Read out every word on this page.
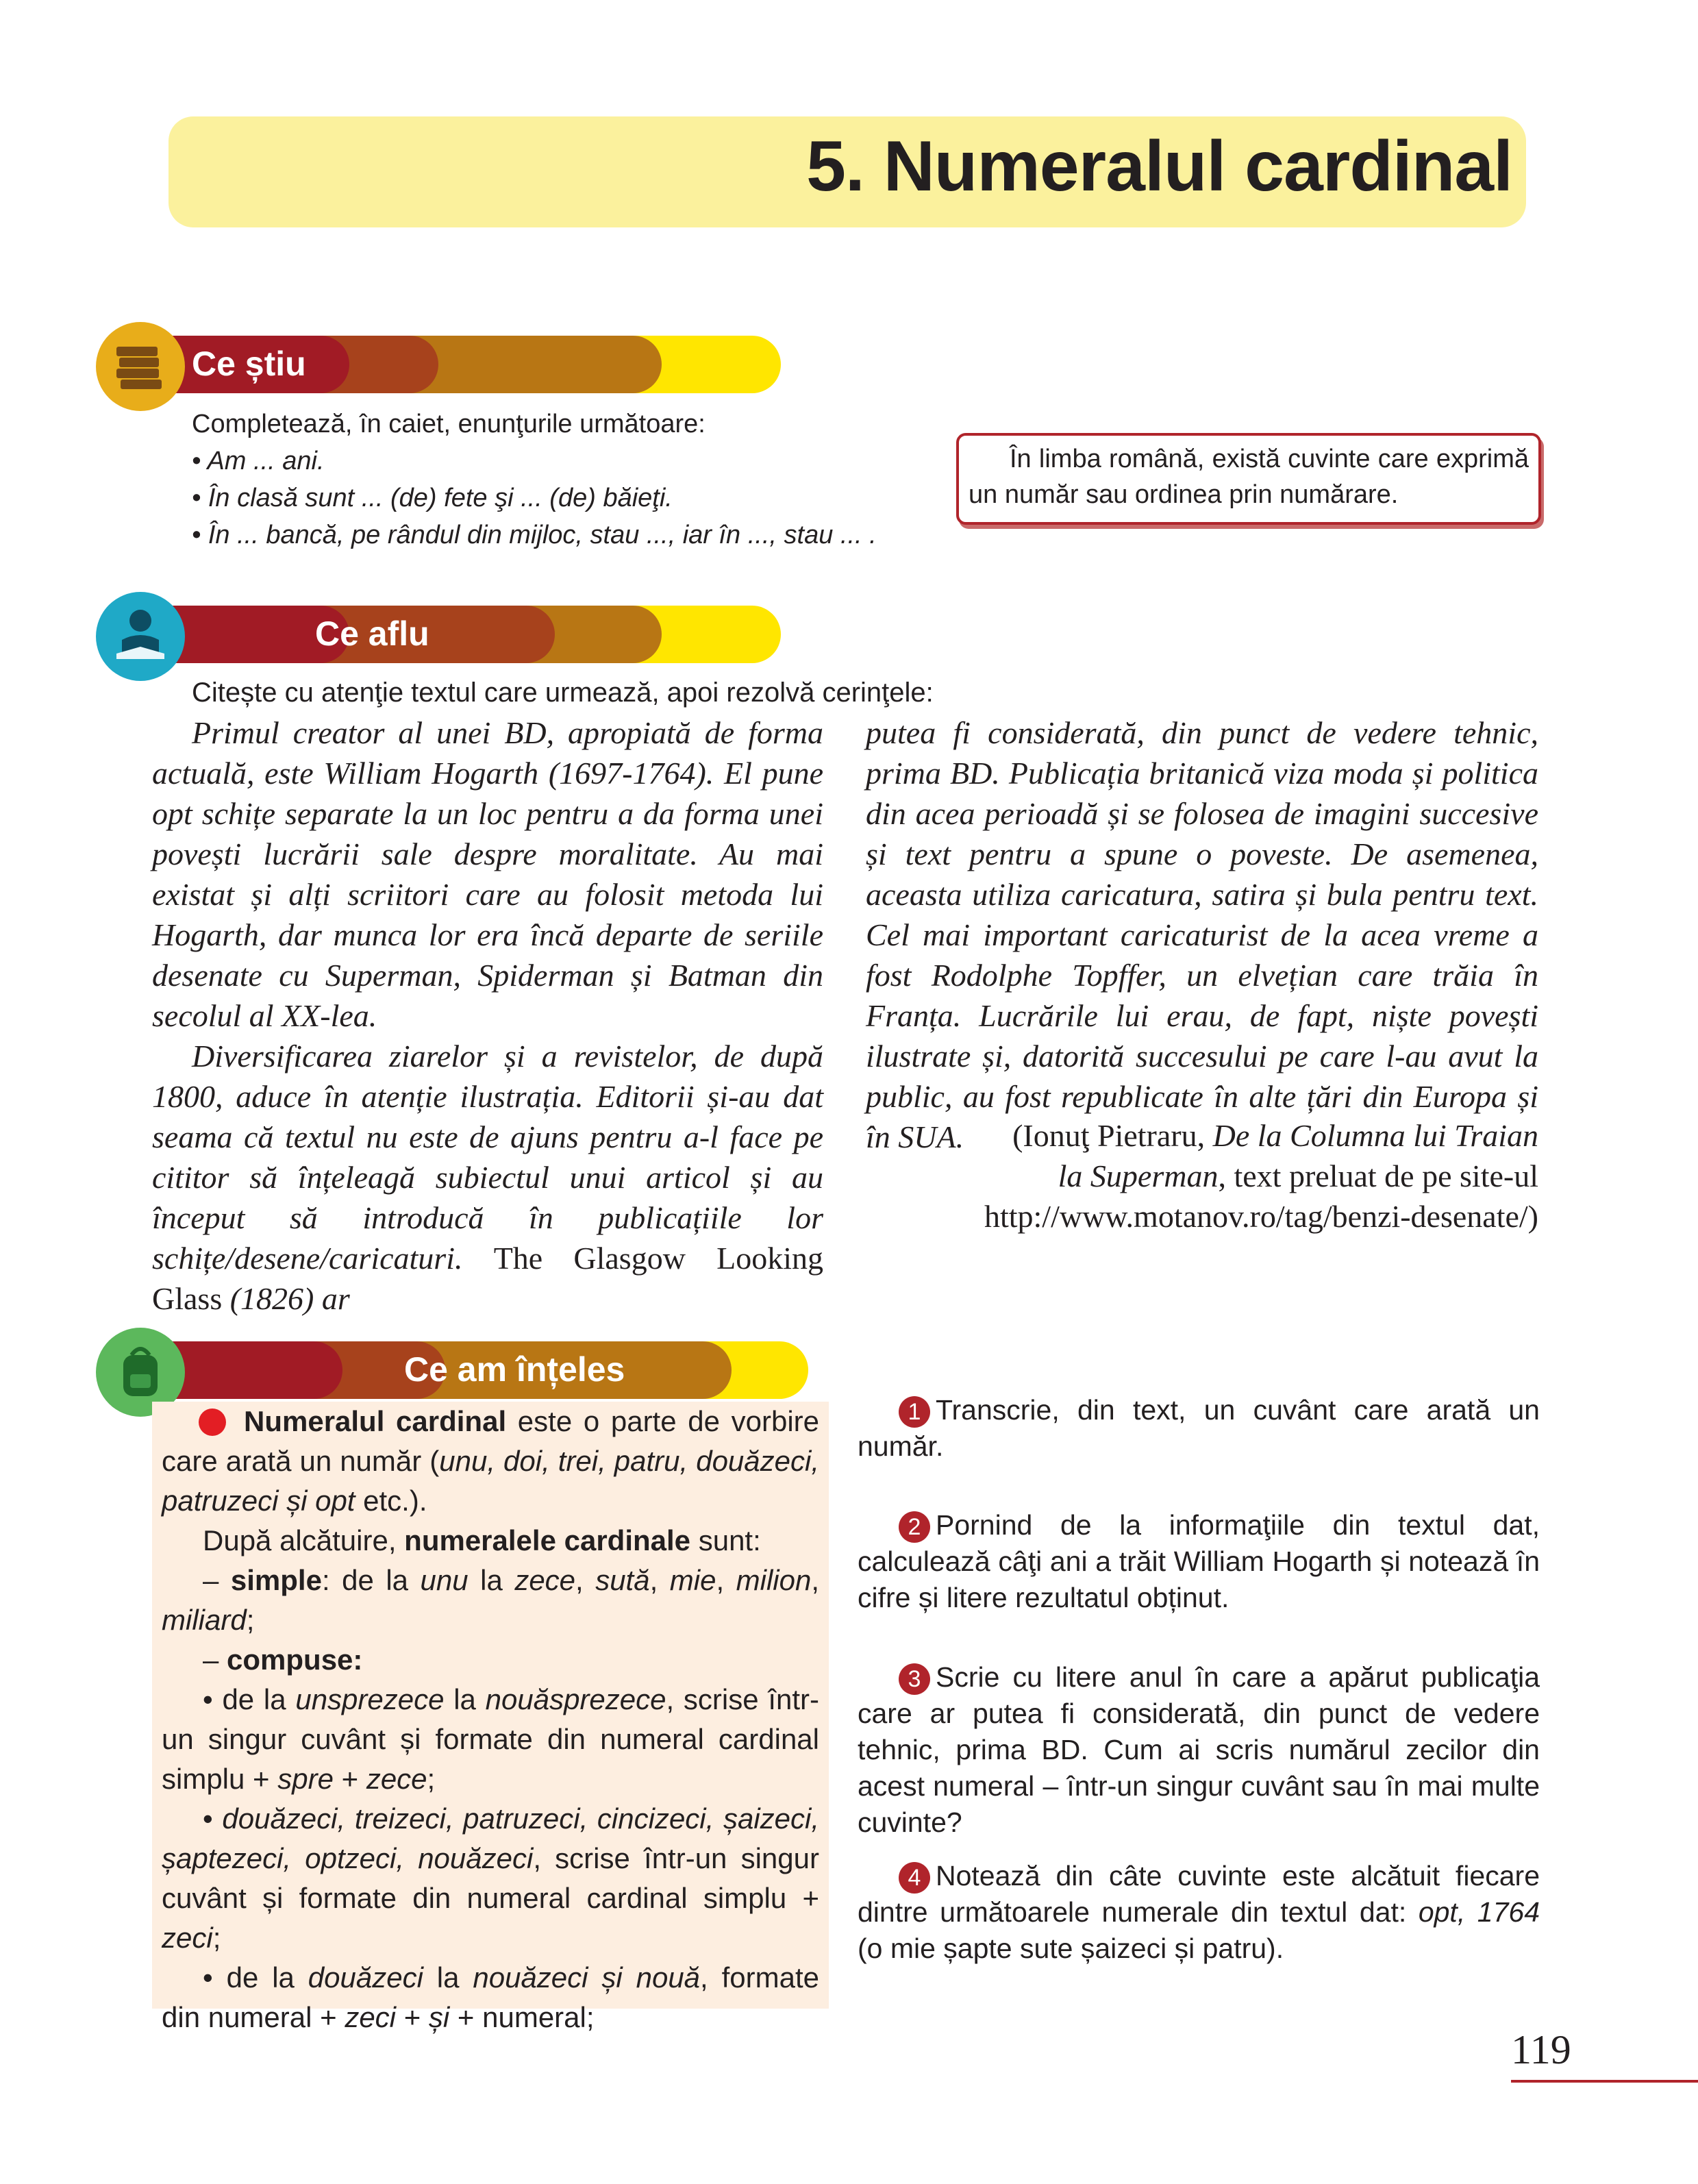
5. Numeralul cardinal
Ce știu
Completează, în caiet, enunţurile următoare:
• Am ... ani.
• În clasă sunt ... (de) fete şi ... (de) băieţi.
• În ... bancă, pe rândul din mijloc, stau ..., iar în ..., stau ... .

În limba română, există cuvinte care exprimă un număr sau ordinea prin numărare.

Ce aflu
Citește cu atenţie textul care urmează, apoi rezolvă cerinţele:

Primul creator al unei BD, apropiată de forma actuală, este William Hogarth (1697-1764). El pune opt schițe separate la un loc pentru a da forma unei povești lucrării sale despre moralitate. Au mai existat și alți scriitori care au folosit metoda lui Hogarth, dar munca lor era încă departe de seriile desenate cu Superman, Spiderman și Batman din secolul al XX-lea.

Diversificarea ziarelor și a revistelor, de după 1800, aduce în atenție ilustrația. Editorii și-au dat seama că textul nu este de ajuns pentru a-l face pe cititor să înțeleagă subiectul unui articol și au început să introducă în publicațiile lor schițe/desene/caricaturi. The Glasgow Looking Glass (1826) ar

putea fi considerată, din punct de vedere tehnic, prima BD. Publicația britanică viza moda și politica din acea perioadă și se folosea de imagini succesive și text pentru a spune o poveste. De asemenea, aceasta utiliza caricatura, satira și bula pentru text. Cel mai important caricaturist de la acea vreme a fost Rodolphe Topffer, un elvețian care trăia în Franța. Lucrările lui erau, de fapt, niște povești ilustrate și, datorită succesului pe care l-au avut la public, au fost republicate în alte țări din Europa și în SUA.	(Ionuţ Pietraru, De la Columna lui Traian
la Superman, text preluat de pe site-ul
http://www.motanov.ro/tag/benzi-desenate/)
Ce am înțeles

Numeralul cardinal este o parte de vorbire care arată un număr (unu, doi, trei, patru, douăzeci, patruzeci și opt etc.).

După alcătuire, numeralele cardinale sunt:

– simple: de la unu la zece, sută, mie, milion, miliard;

– compuse:

• de la unsprezece la nouăsprezece, scrise într-un singur cuvânt și formate din numeral cardinal simplu + spre + zece;

• douăzeci, treizeci, patruzeci, cincizeci, șaizeci, șaptezeci, optzeci, nouăzeci, scrise într-un singur cuvânt și formate din numeral cardinal simplu + zeci;

• de la douăzeci la nouăzeci și nouă, formate din numeral + zeci + și + numeral;

1 Transcrie, din text, un cuvânt care arată un număr.

2 Pornind de la informaţiile din textul dat, calculează câţi ani a trăit William Hogarth și notează în cifre și litere rezultatul obținut.

3 Scrie cu litere anul în care a apărut publicaţia care ar putea fi considerată, din punct de vedere tehnic, prima BD. Cum ai scris numărul zecilor din acest numeral – într-un singur cuvânt sau în mai multe cuvinte?

4 Notează din câte cuvinte este alcătuit fiecare dintre următoarele numerale din textul dat: opt, 1764 (o mie șapte sute șaizeci și patru).

119
